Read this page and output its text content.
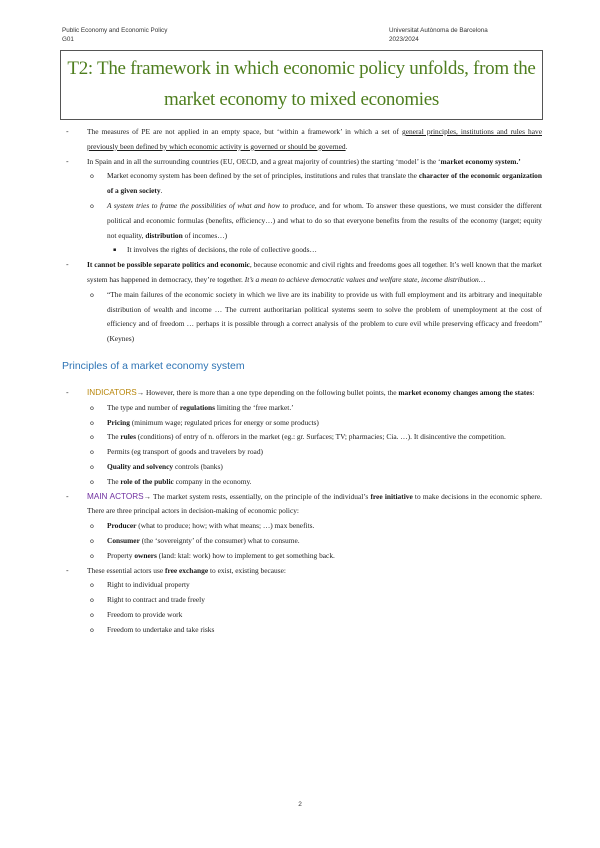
Public Economy and Economic Policy
G01
Universitat Autònoma de Barcelona
2023/2024
T2: The framework in which economic policy unfolds, from the market economy to mixed economies
- The measures of PE are not applied in an empty space, but ‘within a framework’ in which a set of general principles, institutions and rules have previously been defined by which economic activity is governed or should be governed.
- In Spain and in all the surrounding countries (EU, OECD, and a great majority of countries) the starting ‘model’ is the ‘market economy system.’
o Market economy system has been defined by the set of principles, institutions and rules that translate the character of the economic organization of a given society.
o A system tries to frame the possibilities of what and how to produce, and for whom. To answer these questions, we must consider the different political and economic formulas (benefits, efficiency…) and what to do so that everyone benefits from the results of the economy (target; equity not equality, distribution of incomes…)
▪ It involves the rights of decisions, the role of collective goods…
- It cannot be possible separate politics and economic, because economic and civil rights and freedoms goes all together. It’s well known that the market system has happened in democracy, they’re together. It’s a mean to achieve democratic values and welfare state, income distribution…
o “The main failures of the economic society in which we live are its inability to provide us with full employment and its arbitrary and inequitable distribution of wealth and income … The current authoritarian political systems seem to solve the problem of unemployment at the cost of efficiency and of freedom … perhaps it is possible through a correct analysis of the problem to cure evil while preserving efficacy and freedom” (Keynes)
Principles of a market economy system
- INDICATORS→ However, there is more than a one type depending on the following bullet points, the market economy changes among the states:
o The type and number of regulations limiting the ‘free market.’
o Pricing (minimum wage; regulated prices for energy or some products)
o The rules (conditions) of entry of n. offerors in the market (eg.: gr. Surfaces; TV; pharmacies; Cia. …). It disincentive the competition.
o Permits (eg transport of goods and travelers by road)
o Quality and solvency controls (banks)
o The role of the public company in the economy.
- MAIN ACTORS→ The market system rests, essentially, on the principle of the individual’s free initiative to make decisions in the economic sphere. There are three principal actors in decision-making of economic policy:
o Producer (what to produce; how; with what means; …) max benefits.
o Consumer (the ‘sovereignty’ of the consumer) what to consume.
o Property owners (land: ktal: work) how to implement to get something back.
- These essential actors use free exchange to exist, existing because:
o Right to individual property
o Right to contract and trade freely
o Freedom to provide work
o Freedom to undertake and take risks
2
